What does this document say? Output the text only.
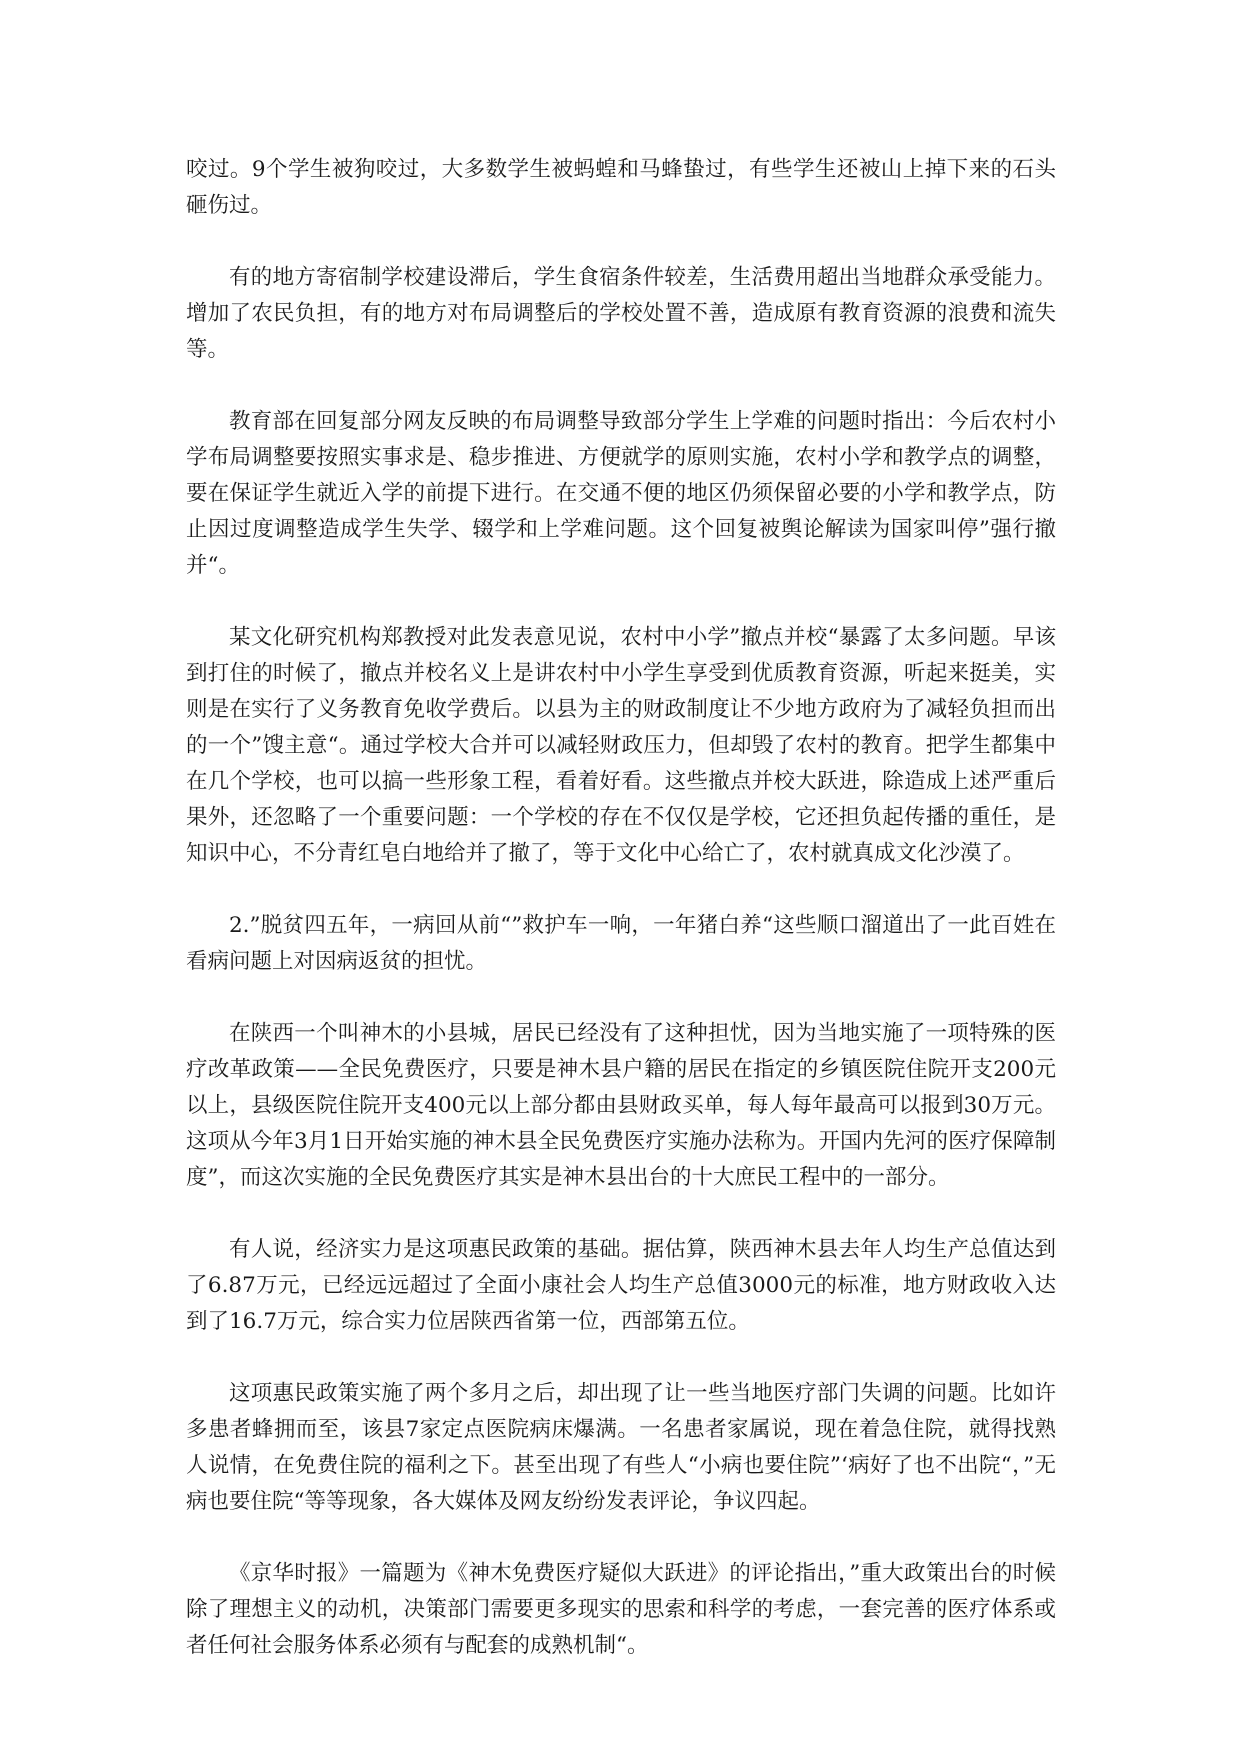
咬过。9个学生被狗咬过，大多数学生被蚂蝗和马蜂蛰过，有些学生还被山上掉下来的石头砸伤过。

有的地方寄宿制学校建设滞后，学生食宿条件较差，生活费用超出当地群众承受能力。增加了农民负担，有的地方对布局调整后的学校处置不善，造成原有教育资源的浪费和流失等。

教育部在回复部分网友反映的布局调整导致部分学生上学难的问题时指出：今后农村小学布局调整要按照实事求是、稳步推进、方便就学的原则实施，农村小学和教学点的调整，要在保证学生就近入学的前提下进行。在交通不便的地区仍须保留必要的小学和教学点，防止因过度调整造成学生失学、辍学和上学难问题。这个回复被舆论解读为国家叫停”强行撤并“。

某文化研究机构郑教授对此发表意见说，农村中小学”撤点并校“暴露了太多问题。早该到打住的时候了，撤点并校名义上是讲农村中小学生享受到优质教育资源，听起来挺美，实则是在实行了义务教育免收学费后。以县为主的财政制度让不少地方政府为了减轻负担而出的一个”馊主意“。通过学校大合并可以减轻财政压力，但却毁了农村的教育。把学生都集中在几个学校，也可以搞一些形象工程，看着好看。这些撤点并校大跃进，除造成上述严重后果外，还忽略了一个重要问题：一个学校的存在不仅仅是学校，它还担负起传播的重任，是知识中心，不分青红皂白地给并了撤了，等于文化中心给亡了，农村就真成文化沙漠了。

2.”脱贫四五年，一病回从前“”救护车一响，一年猪白养“这些顺口溜道出了一此百姓在看病问题上对因病返贫的担忧。

在陕西一个叫神木的小县城，居民已经没有了这种担忧，因为当地实施了一项特殊的医疗改革政策——全民免费医疗，只要是神木县户籍的居民在指定的乡镇医院住院开支200元以上，县级医院住院开支400元以上部分都由县财政买单，每人每年最高可以报到30万元。这项从今年3月1日开始实施的神木县全民免费医疗实施办法称为。开国内先河的医疗保障制度”，而这次实施的全民免费医疗其实是神木县出台的十大庶民工程中的一部分。

有人说，经济实力是这项惠民政策的基础。据估算，陕西神木县去年人均生产总值达到了6.87万元，已经远远超过了全面小康社会人均生产总值3000元的标准，地方财政收入达到了16.7万元，综合实力位居陕西省第一位，西部第五位。

这项惠民政策实施了两个多月之后，却出现了让一些当地医疗部门失调的问题。比如许多患者蜂拥而至，该县7家定点医院病床爆满。一名患者家属说，现在着急住院，就得找熟人说情，在免费住院的福利之下。甚至出现了有些人“小病也要住院”‘病好了也不出院“，”无病也要住院“等等现象，各大媒体及网友纷纷发表评论，争议四起。

《京华时报》一篇题为《神木免费医疗疑似大跃进》的评论指出，”重大政策出台的时候除了理想主义的动机，决策部门需要更多现实的思索和科学的考虑，一套完善的医疗体系或者任何社会服务体系必须有与配套的成熟机制“。
